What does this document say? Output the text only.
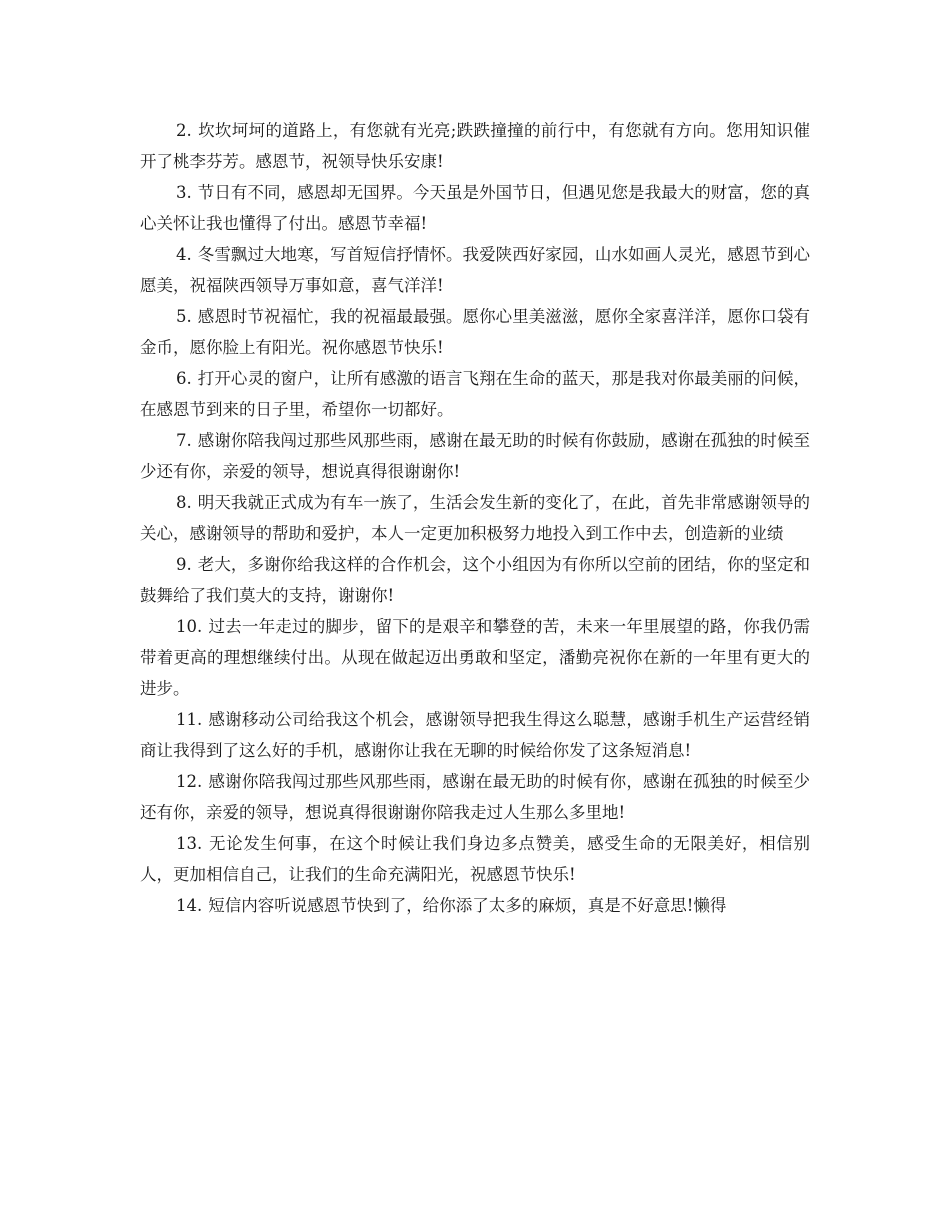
2. 坎坎坷坷的道路上，有您就有光亮;跌跌撞撞的前行中，有您就有方向。您用知识催开了桃李芬芳。感恩节，祝领导快乐安康!

3. 节日有不同，感恩却无国界。今天虽是外国节日，但遇见您是我最大的财富，您的真心关怀让我也懂得了付出。感恩节幸福!

4. 冬雪飘过大地寒，写首短信抒情怀。我爱陕西好家园，山水如画人灵光，感恩节到心愿美，祝福陕西领导万事如意，喜气洋洋!

5. 感恩时节祝福忙，我的祝福最最强。愿你心里美滋滋，愿你全家喜洋洋，愿你口袋有金币，愿你脸上有阳光。祝你感恩节快乐!

6. 打开心灵的窗户，让所有感激的语言飞翔在生命的蓝天，那是我对你最美丽的问候，在感恩节到来的日子里，希望你一切都好。

7. 感谢你陪我闯过那些风那些雨，感谢在最无助的时候有你鼓励，感谢在孤独的时候至少还有你，亲爱的领导，想说真得很谢谢你!

8. 明天我就正式成为有车一族了，生活会发生新的变化了，在此，首先非常感谢领导的关心，感谢领导的帮助和爱护，本人一定更加积极努力地投入到工作中去，创造新的业绩

9. 老大，多谢你给我这样的合作机会，这个小组因为有你所以空前的团结，你的坚定和鼓舞给了我们莫大的支持，谢谢你!

10. 过去一年走过的脚步，留下的是艰辛和攀登的苦，未来一年里展望的路，你我仍需带着更高的理想继续付出。从现在做起迈出勇敢和坚定，潘勤亮祝你在新的一年里有更大的进步。

11. 感谢移动公司给我这个机会，感谢领导把我生得这么聪慧，感谢手机生产运营经销商让我得到了这么好的手机，感谢你让我在无聊的时候给你发了这条短消息!

12. 感谢你陪我闯过那些风那些雨，感谢在最无助的时候有你，感谢在孤独的时候至少还有你，亲爱的领导，想说真得很谢谢你陪我走过人生那么多里地!

13. 无论发生何事，在这个时候让我们身边多点赞美，感受生命的无限美好，相信别人，更加相信自己，让我们的生命充满阳光，祝感恩节快乐!

14. 短信内容听说感恩节快到了，给你添了太多的麻烦，真是不好意思!懒得
